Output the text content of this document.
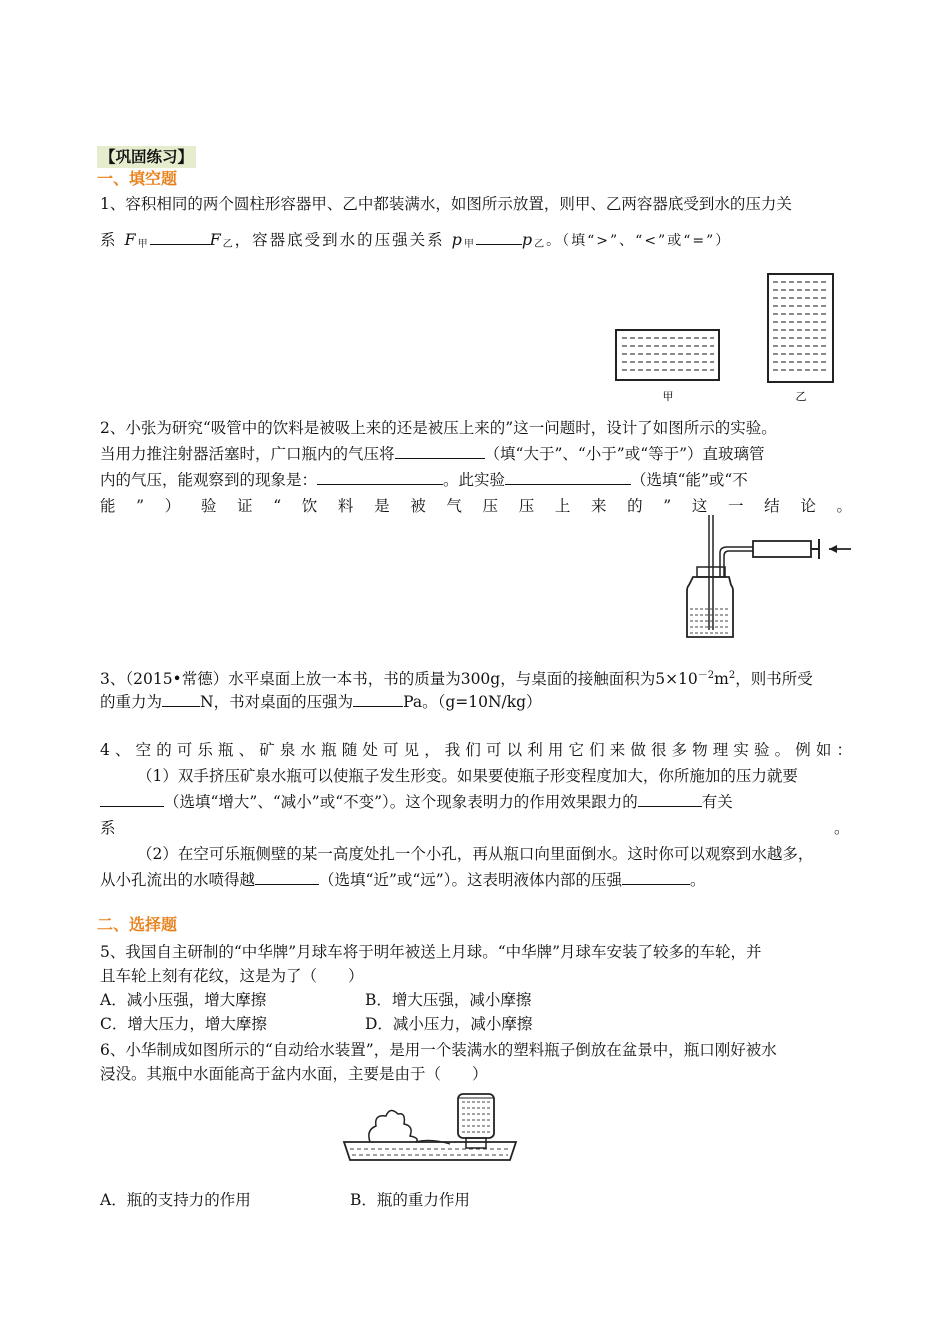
【巩固练习】
一、填空题
1、容积相同的两个圆柱形容器甲、乙中都装满水，如图所示放置，则甲、乙两容器底受到水的压力关
系 $F_甲$	$F_乙$，容器底受到水的压强关系 $p_甲$	$p_乙$。（填“>”、“<”或“=”）
甲	乙
2、小张为研究“吸管中的饮料是被吸上来的还是被压上来的”这一问题时，设计了如图所示的实验。
当用力推注射器活塞时，广口瓶内的气压将	（填“大于”、“小于”或“等于”）直玻璃管
内的气压，能观察到的现象是：	。此实验	（选填“能”或“不
能”）验证“饮料是被气压压上来的”这一结论。
3、（2015•常德）水平桌面上放一本书，书的质量为300g，与桌面的接触面积为$5\times 10^{-2}m^2$，则书所受
的重力为 N，书对桌面的压强为	Pa。（g=10N/kg）
4、空的可乐瓶、矿泉水瓶随处可见，我们可以利用它们来做很多物理实验。例如：
（1）双手挤压矿泉水瓶可以使瓶子发生形变。如果要使瓶子形变程度加大，你所施加的压力就要
（选填“增大”、“减小”或“不变”）。这个现象表明力的作用效果跟力的	有关
系	。
（2）在空可乐瓶侧壁的某一高度处扎一个小孔，再从瓶口向里面倒水。这时你可以观察到水越多，
从小孔流出的水喷得越	（选填“近”或“远”）。这表明液体内部的压强	。
二、选择题
5、我国自主研制的“中华牌”月球车将于明年被送上月球。“中华牌”月球车安装了较多的车轮，并
且车轮上刻有花纹，这是为了（　　）
A．减小压强，增大摩擦	B．增大压强，减小摩擦
C．增大压力，增大摩擦	D．减小压力，减小摩擦
6、小华制成如图所示的“自动给水装置”，是用一个装满水的塑料瓶子倒放在盆景中，瓶口刚好被水
浸没。其瓶中水面能高于盆内水面，主要是由于（　　）
A．瓶的支持力的作用	B．瓶的重力作用
